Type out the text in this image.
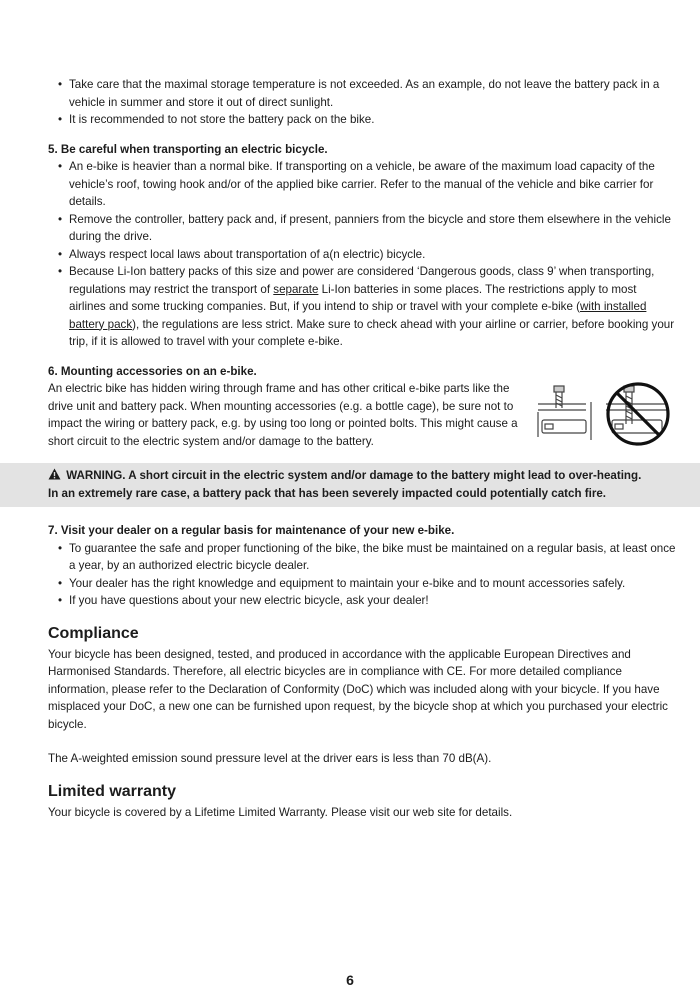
• Take care that the maximal storage temperature is not exceeded. As an example, do not leave the battery pack in a vehicle in summer and store it out of direct sunlight.
• It is recommended to not store the battery pack on the bike.
5. Be careful when transporting an electric bicycle.
• An e-bike is heavier than a normal bike. If transporting on a vehicle, be aware of the maximum load capacity of the vehicle’s roof, towing hook and/or of the applied bike carrier. Refer to the manual of the vehicle and bike carrier for details.
• Remove the controller, battery pack and, if present, panniers from the bicycle and store them elsewhere in the vehicle during the drive.
• Always respect local laws about transportation of a(n electric) bicycle.
• Because Li-Ion battery packs of this size and power are considered ‘Dangerous goods, class 9’ when transporting, regulations may restrict the transport of separate Li-Ion batteries in some places. The restrictions apply to most airlines and some trucking companies. But, if you intend to ship or travel with your complete e-bike (with installed battery pack), the regulations are less strict. Make sure to check ahead with your airline or carrier, before booking your trip, if it is allowed to travel with your complete e-bike.
6. Mounting accessories on an e-bike.

An electric bike has hidden wiring through frame and has other critical e-bike parts like the drive unit and battery pack. When mounting accessories (e.g. a bottle cage), be sure not to impact the wiring or battery pack, e.g. by using too long or pointed bolts. This might cause a short circuit to the electric system and/or damage to the battery.

WARNING. A short circuit in the electric system and/or damage to the battery might lead to over-heating.
In an extremely rare case, a battery pack that has been severely impacted could potentially catch fire.
7. Visit your dealer on a regular basis for maintenance of your new e-bike.
• To guarantee the safe and proper functioning of the bike, the bike must be maintained on a regular basis, at least once a year, by an authorized electric bicycle dealer.
• Your dealer has the right knowledge and equipment to maintain your e-bike and to mount accessories safely.
• If you have questions about your new electric bicycle, ask your dealer!
Compliance

Your bicycle has been designed, tested, and produced in accordance with the applicable European Directives and Harmonised Standards. Therefore, all electric bicycles are in compliance with CE. For more detailed compliance information, please refer to the Declaration of Conformity (DoC) which was included along with your bicycle. If you have misplaced your DoC, a new one can be furnished upon request, by the bicycle shop at which you purchased your electric bicycle.

The A-weighted emission sound pressure level at the driver ears is less than 70 dB(A).

Limited warranty

Your bicycle is covered by a Lifetime Limited Warranty. Please visit our web site for details.

6
